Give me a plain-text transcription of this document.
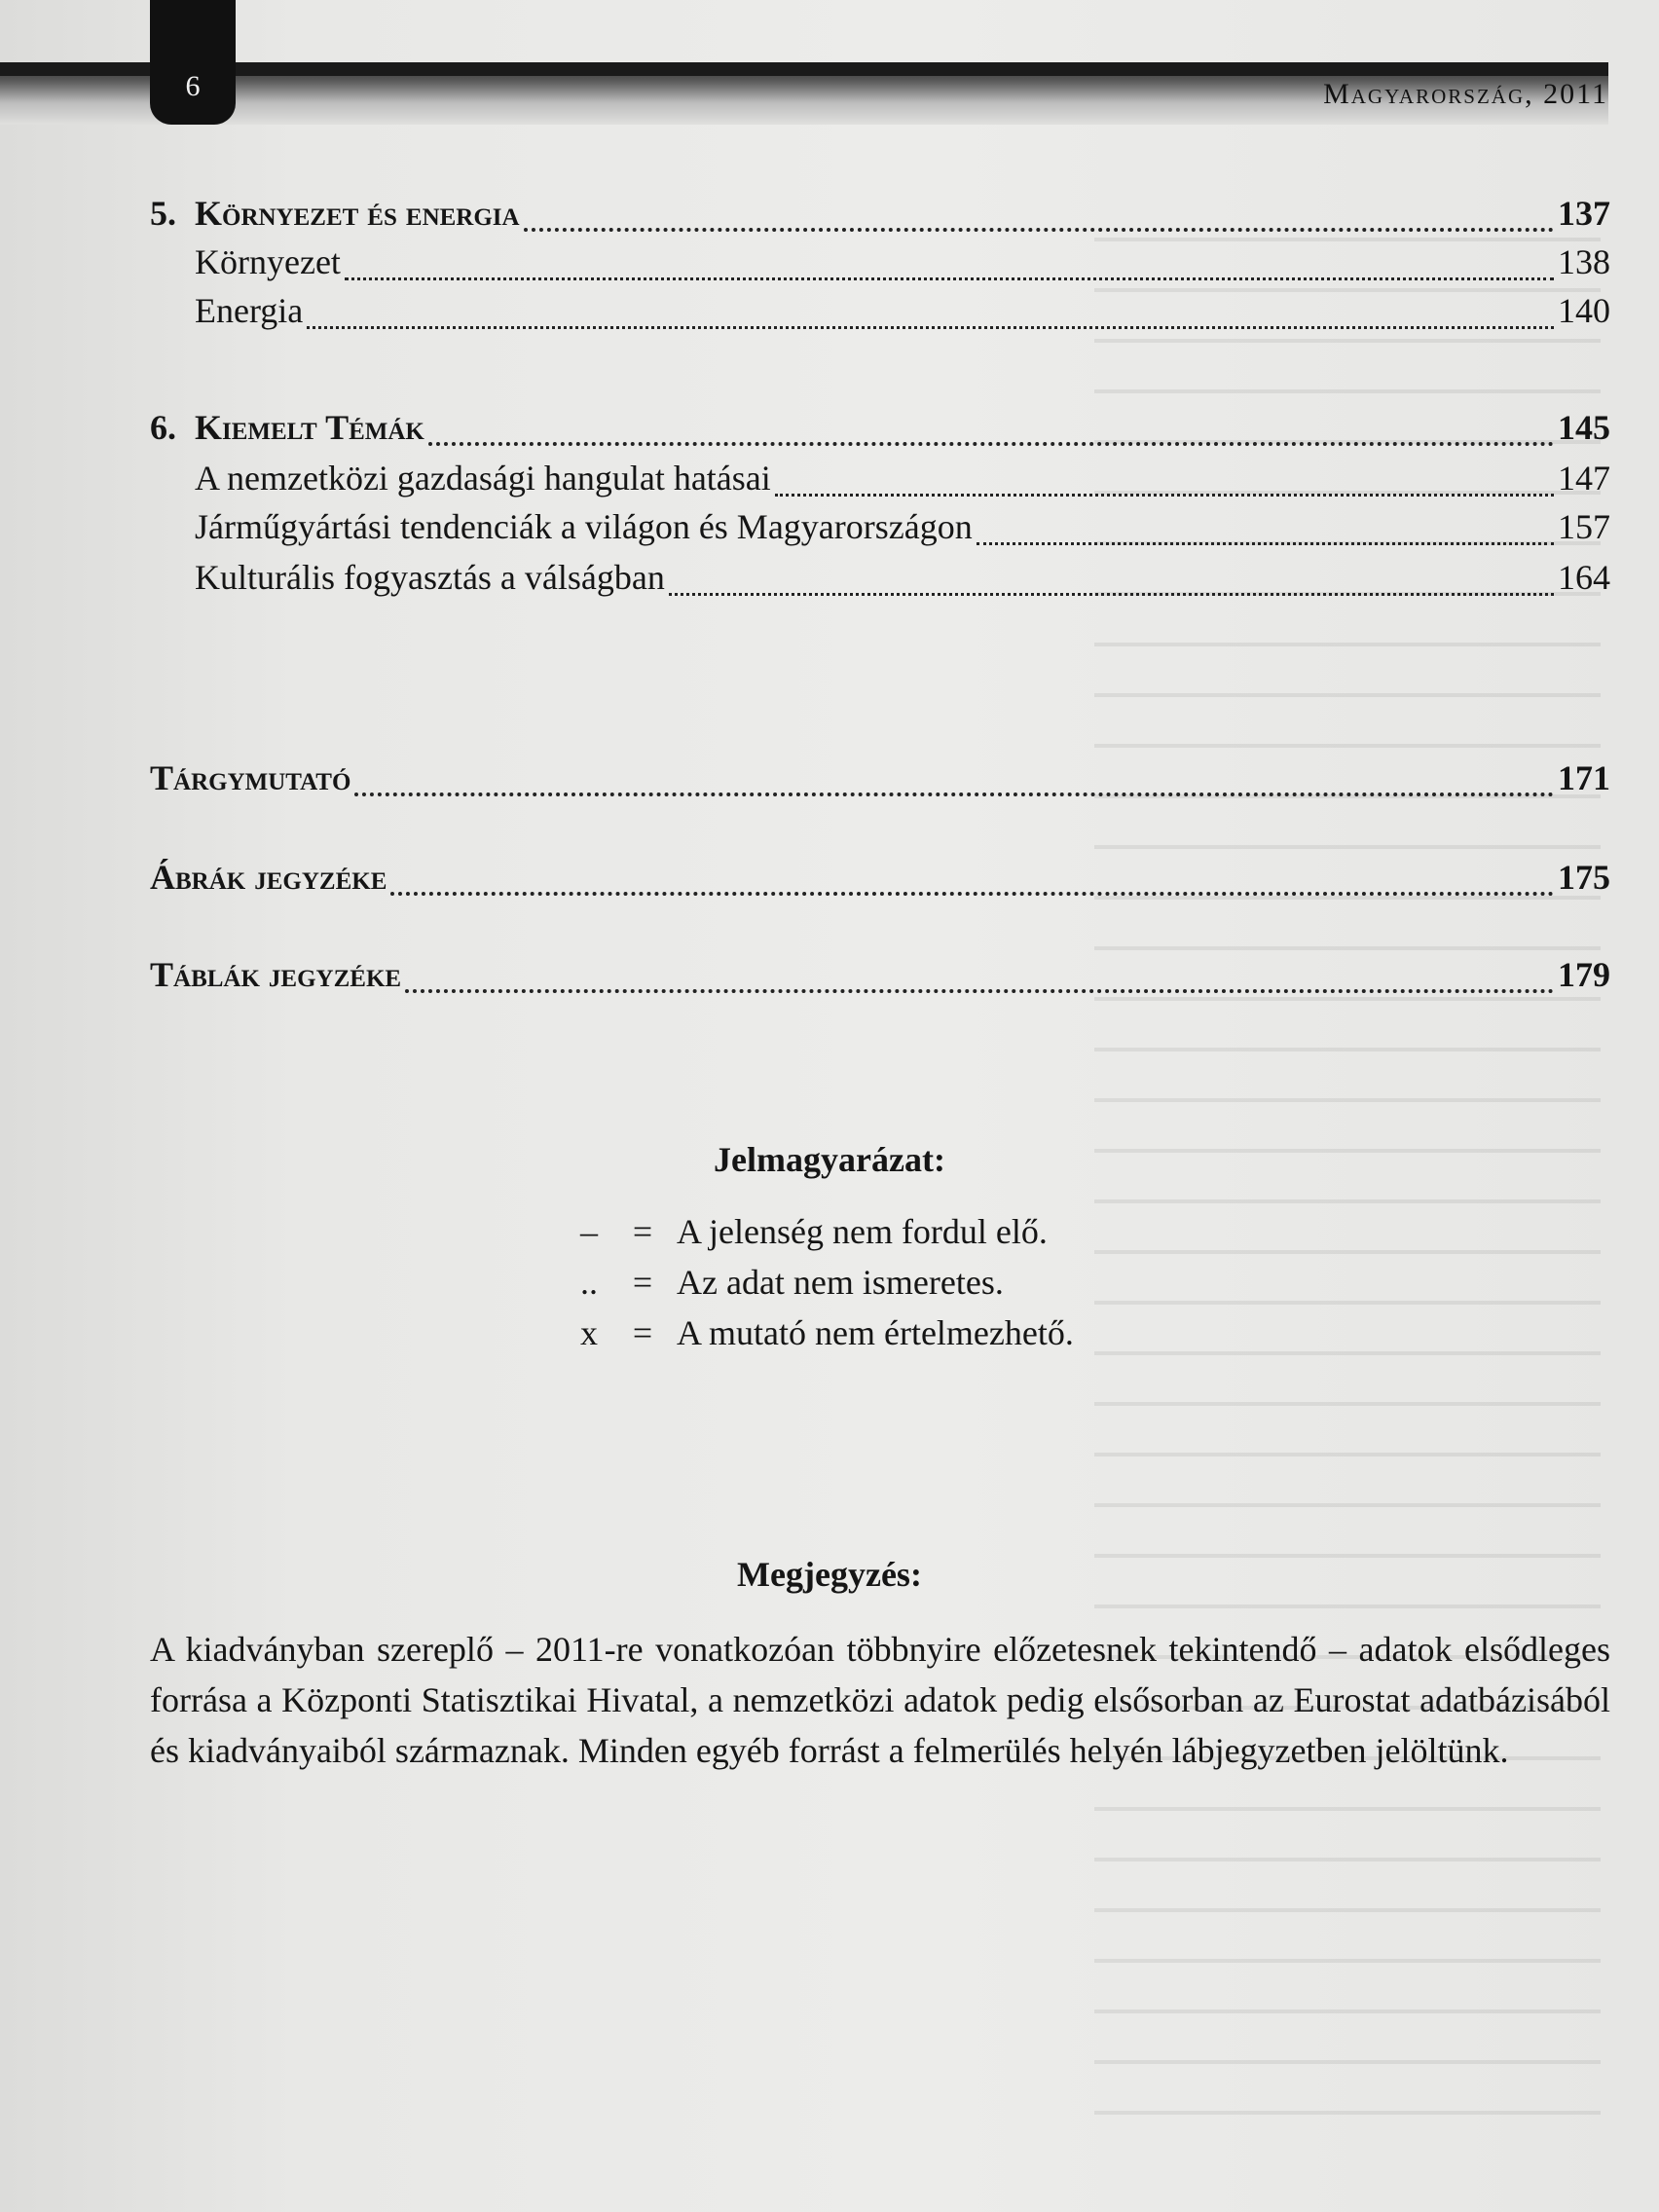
6	Magyarország, 2011
5. Környezet és energia	137
Környezet	138
Energia	140
6. Kiemelt Témák	145
A nemzetközi gazdasági hangulat hatásai	147
Járműgyártási tendenciák a világon és Magyarországon	157
Kulturális fogyasztás a válságban	164
Tárgymutató	171
Ábrák jegyzéke	175
Táblák jegyzéke	179
Jelmagyarázat:
– = A jelenség nem fordul elő.
.. = Az adat nem ismeretes.
x = A mutató nem értelmezhető.
Megjegyzés:
A kiadványban szereplő – 2011-re vonatkozóan többnyire előzetesnek tekintendő – adatok elsődleges forrása a Központi Statisztikai Hivatal, a nemzetközi adatok pedig elsősorban az Eurostat adatbázisából és kiadványaiból származnak. Minden egyéb forrást a felmerülés helyén lábjegyzetben jelöltünk.
